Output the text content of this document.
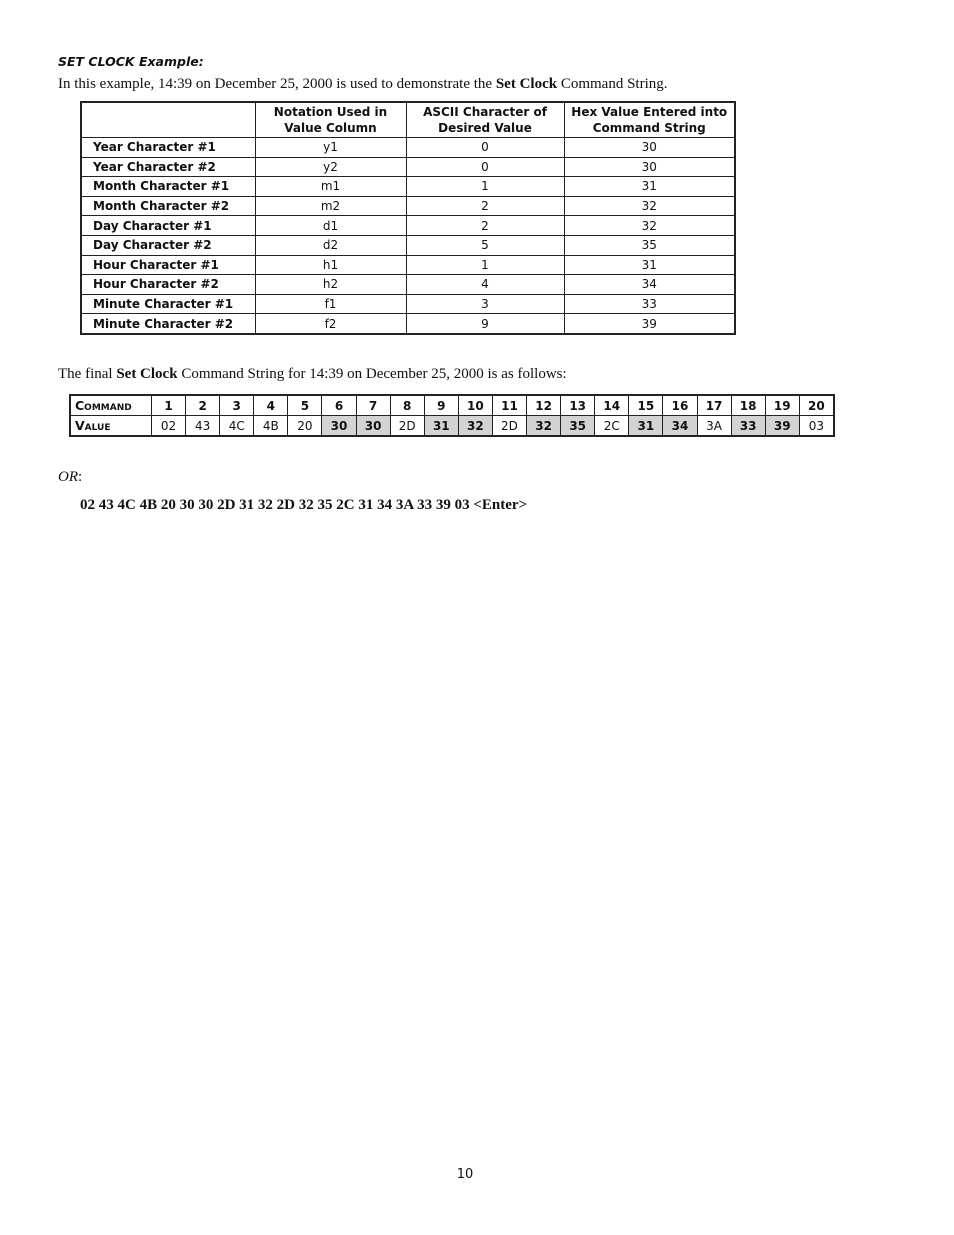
SET CLOCK Example:
In this example, 14:39 on December 25, 2000 is used to demonstrate the Set Clock Command String.
	Notation Used in Value Column	ASCII Character of Desired Value	Hex Value Entered into Command String
Year Character #1	y1	0	30
Year Character #2	y2	0	30
Month Character #1	m1	1	31
Month Character #2	m2	2	32
Day Character #1	d1	2	32
Day Character #2	d2	5	35
Hour Character #1	h1	1	31
Hour Character #2	h2	4	34
Minute Character #1	f1	3	33
Minute Character #2	f2	9	39
The final Set Clock Command String for 14:39 on December 25, 2000 is as follows:
Command	1	2	3	4	5	6	7	8	9	10	11	12	13	14	15	16	17	18	19	20
Value	02	43	4C	4B	20	30	30	2D	31	32	2D	32	35	2C	31	34	3A	33	39	03
OR:
02 43 4C 4B 20 30 30 2D 31 32 2D 32 35 2C 31 34 3A 33 39 03 <Enter>
10
